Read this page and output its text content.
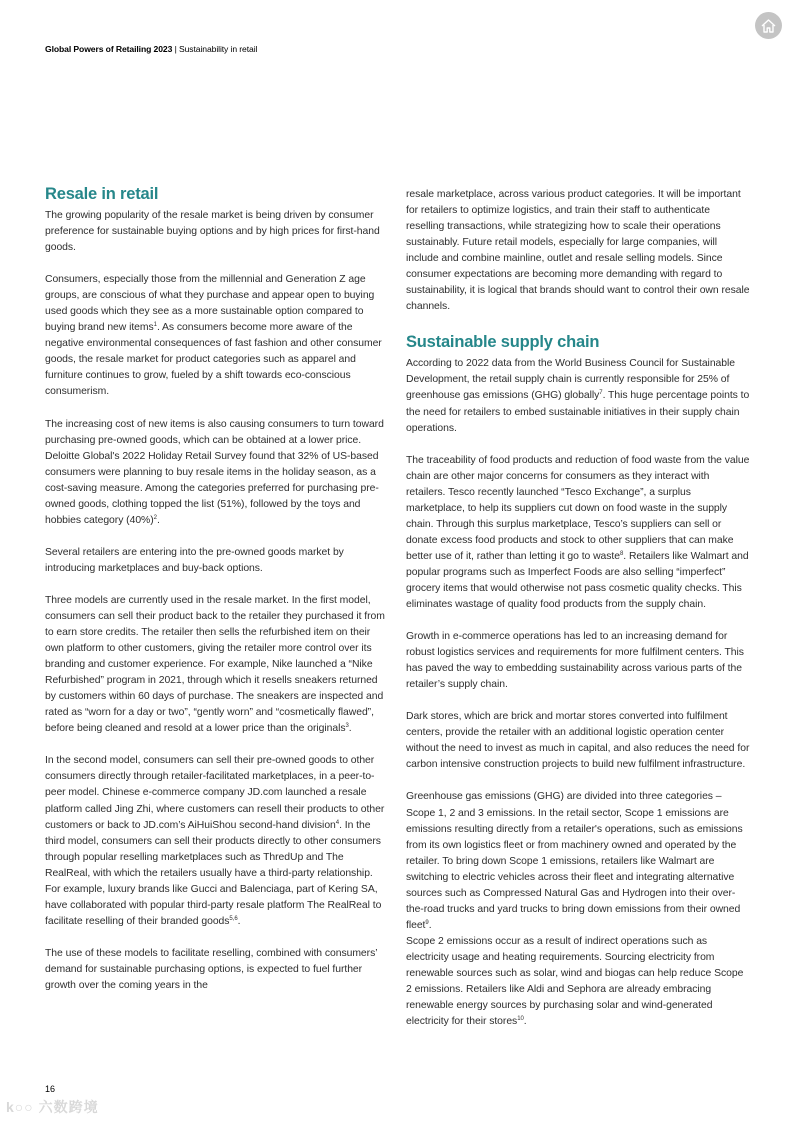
Global Powers of Retailing 2023 | Sustainability in retail
Resale in retail

The growing popularity of the resale market is being driven by consumer preference for sustainable buying options and by high prices for first-hand goods.

Consumers, especially those from the millennial and Generation Z age groups, are conscious of what they purchase and appear open to buying used goods which they see as a more sustainable option compared to buying brand new items$^1$. As consumers become more aware of the negative environmental consequences of fast fashion and other consumer goods, the resale market for product categories such as apparel and furniture continues to grow, fueled by a shift towards eco-conscious consumerism.

The increasing cost of new items is also causing consumers to turn toward purchasing pre-owned goods, which can be obtained at a lower price. Deloitte Global's 2022 Holiday Retail Survey found that 32% of US-based consumers were planning to buy resale items in the holiday season, as a cost-saving measure. Among the categories preferred for purchasing pre-owned goods, clothing topped the list (51%), followed by the toys and hobbies category $(40\%)^2$.

Several retailers are entering into the pre-owned goods market by introducing marketplaces and buy-back options.

Three models are currently used in the resale market. In the first model, consumers can sell their product back to the retailer they purchased it from to earn store credits. The retailer then sells the refurbished item on their own platform to other customers, giving the retailer more control over its branding and customer experience. For example, Nike launched a “Nike Refurbished” program in 2021, through which it resells sneakers returned by customers within 60 days of purchase. The sneakers are inspected and rated as “worn for a day or two”, “gently worn” and “cosmetically flawed”, before being cleaned and resold at a lower price than the originals$^3$.

In the second model, consumers can sell their pre-owned goods to other consumers directly through retailer-facilitated marketplaces, in a peer-to-peer model. Chinese e-commerce company JD.com launched a resale platform called Jing Zhi, where customers can resell their products to other customers or back to JD.com’s AiHuiShou second-hand division$^4$. In the third model, consumers can sell their products directly to other consumers through popular reselling marketplaces such as ThredUp and The RealReal, with which the retailers usually have a third-party relationship. For example, luxury brands like Gucci and Balenciaga, part of Kering SA, have collaborated with popular third-party resale platform The RealReal to facilitate reselling of their branded goods$^{5,6}$.

The use of these models to facilitate reselling, combined with consumers’ demand for sustainable purchasing options, is expected to fuel further growth over the coming years in the

resale marketplace, across various product categories. It will be important for retailers to optimize logistics, and train their staff to authenticate reselling transactions, while strategizing how to scale their operations sustainably. Future retail models, especially for large companies, will include and combine mainline, outlet and resale selling models. Since consumer expectations are becoming more demanding with regard to sustainability, it is logical that brands should want to control their own resale channels.

Sustainable supply chain

According to 2022 data from the World Business Council for Sustainable Development, the retail supply chain is currently responsible for 25% of greenhouse gas emissions (GHG) globally$^7$. This huge percentage points to the need for retailers to embed sustainable initiatives in their supply chain operations.

The traceability of food products and reduction of food waste from the value chain are other major concerns for consumers as they interact with retailers. Tesco recently launched “Tesco Exchange”, a surplus marketplace, to help its suppliers cut down on food waste in the supply chain. Through this surplus marketplace, Tesco’s suppliers can sell or donate excess food products and stock to other suppliers that can make better use of it, rather than letting it go to waste$^8$. Retailers like Walmart and popular programs such as Imperfect Foods are also selling “imperfect” grocery items that would otherwise not pass cosmetic quality checks. This eliminates wastage of quality food products from the supply chain.

Growth in e-commerce operations has led to an increasing demand for robust logistics services and requirements for more fulfilment centers. This has paved the way to embedding sustainability across various parts of the retailer’s supply chain.

Dark stores, which are brick and mortar stores converted into fulfilment centers, provide the retailer with an additional logistic operation center without the need to invest as much in capital, and also reduces the need for carbon intensive construction projects to build new fulfilment infrastructure.

Greenhouse gas emissions (GHG) are divided into three categories – Scope 1, 2 and 3 emissions. In the retail sector, Scope 1 emissions are emissions resulting directly from a retailer's operations, such as emissions from its own logistics fleet or from machinery owned and operated by the retailer. To bring down Scope 1 emissions, retailers like Walmart are switching to electric vehicles across their fleet and integrating alternative sources such as Compressed Natural Gas and Hydrogen into their over-the-road trucks and yard trucks to bring down emissions from their owned fleet$^9$.

Scope 2 emissions occur as a result of indirect operations such as electricity usage and heating requirements. Sourcing electricity from renewable sources such as solar, wind and biogas can help reduce Scope 2 emissions. Retailers like Aldi and Sephora are already embracing renewable energy sources by purchasing solar and wind-generated electricity for their stores$^{10}$.

16
k○○ 六数跨境
